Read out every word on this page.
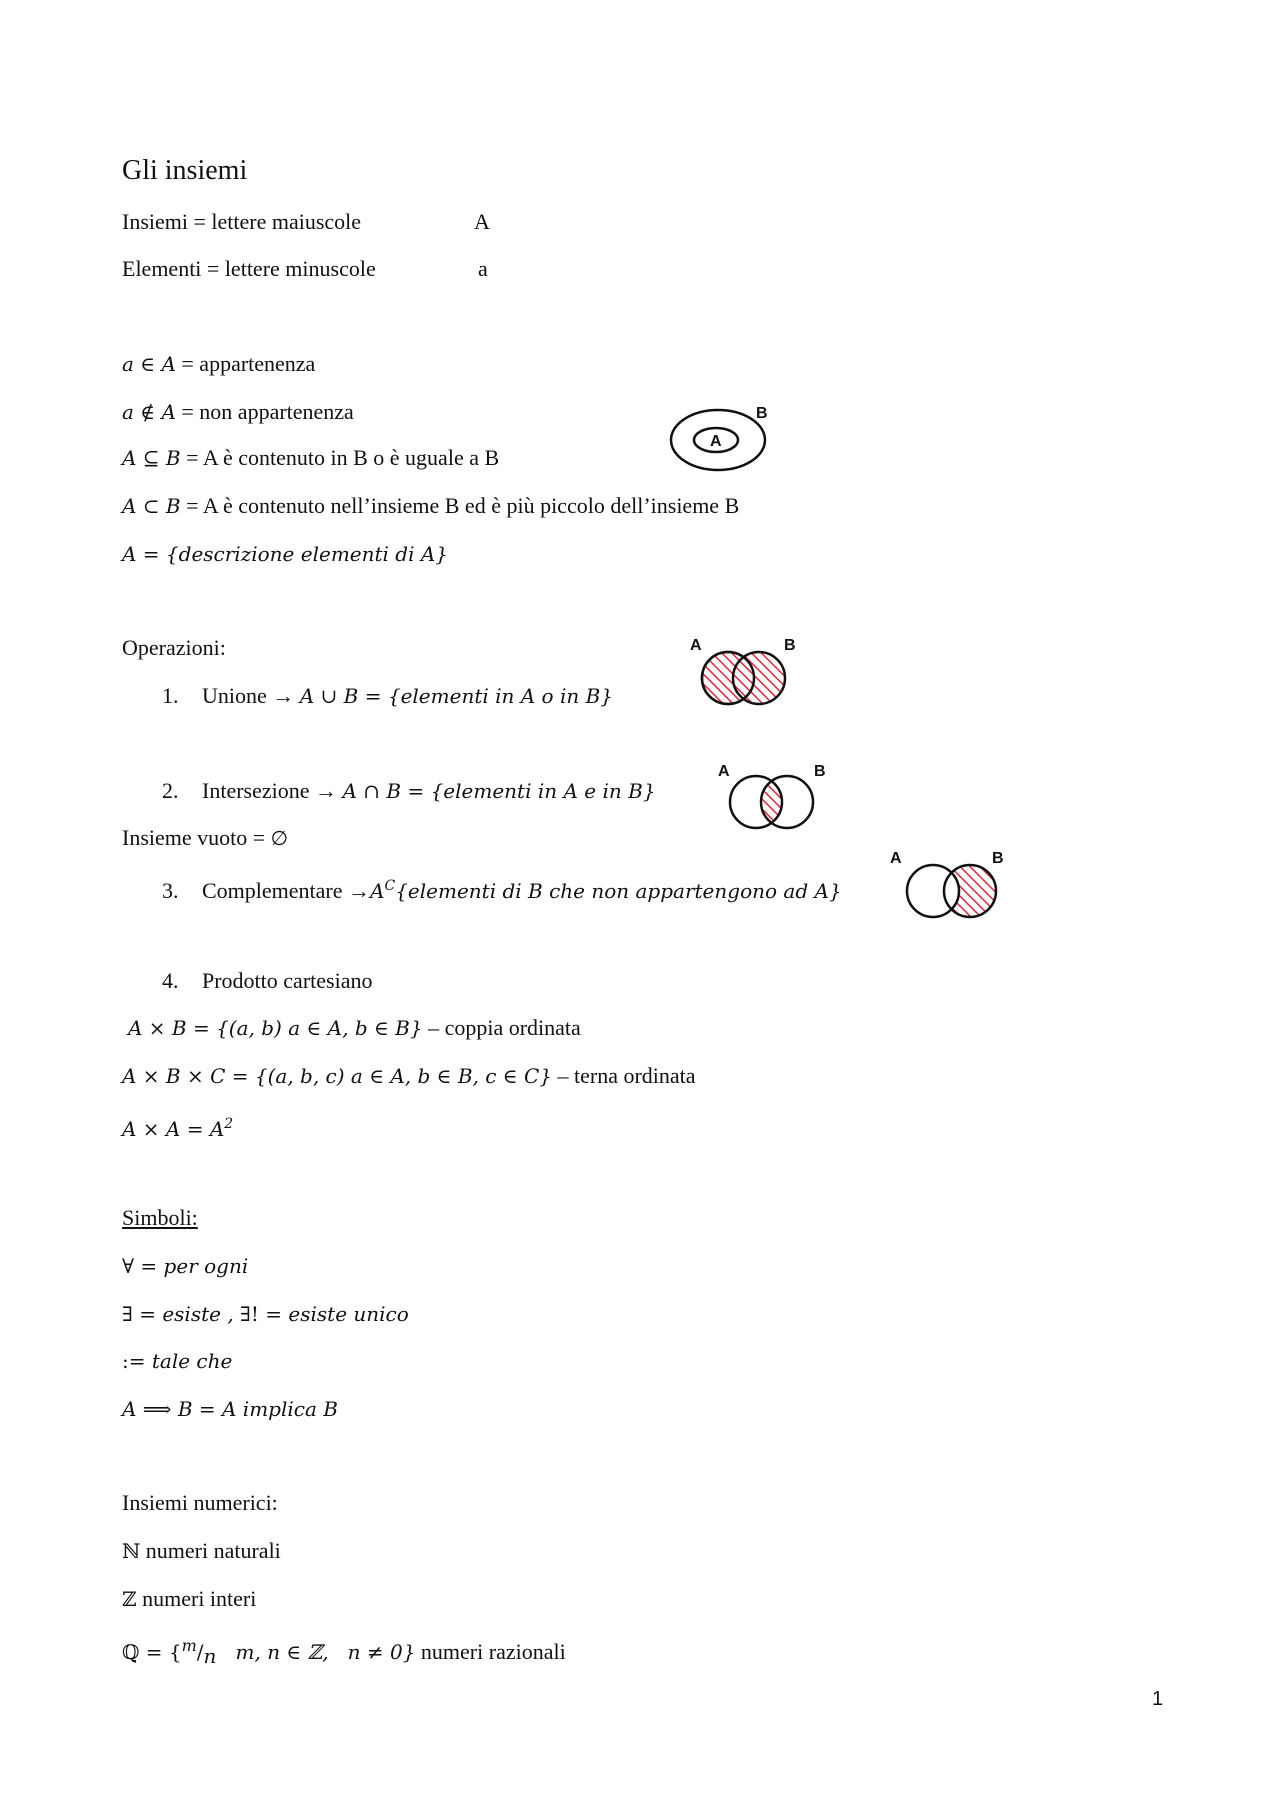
Gli insiemi
Insiemi = lettere maiuscole	A
Elementi = lettere minuscole	a
a ∈ A = appartenenza
a ∉ A = non appartenenza
A ⊆ B = A è contenuto in B o è uguale a B
A ⊂ B = A è contenuto nell’insieme B ed è più piccolo dell’insieme B
A = {descrizione elementi di A}
Operazioni:
1. Unione → A ∪ B = {elementi in A o in B}
2. Intersezione → A ∩ B = {elementi in A e in B}
Insieme vuoto = ∅
3. Complementare $\to A^C\{elementi$ di B che non appartengono ad A}
4. Prodotto cartesiano
A × B = {(a, b) a ∈ A, b ∈ B} – coppia ordinata
A × B × C = {(a, b, c) a ∈ A, b ∈ B, c ∈ C} – terna ordinata
$A \times A = A^2$
Simboli:
∀ = per ogni
∃ = esiste , ∃! = esiste unico
:= tale che
A ⟹ B = A implica B
Insiemi numerici:
ℕ numeri naturali
ℤ numeri interi
ℚ = {$^m$/n   m, n ∈ ℤ,   n ≠ 0} numeri razionali
1
A
B
A	B
A	B
A	B
